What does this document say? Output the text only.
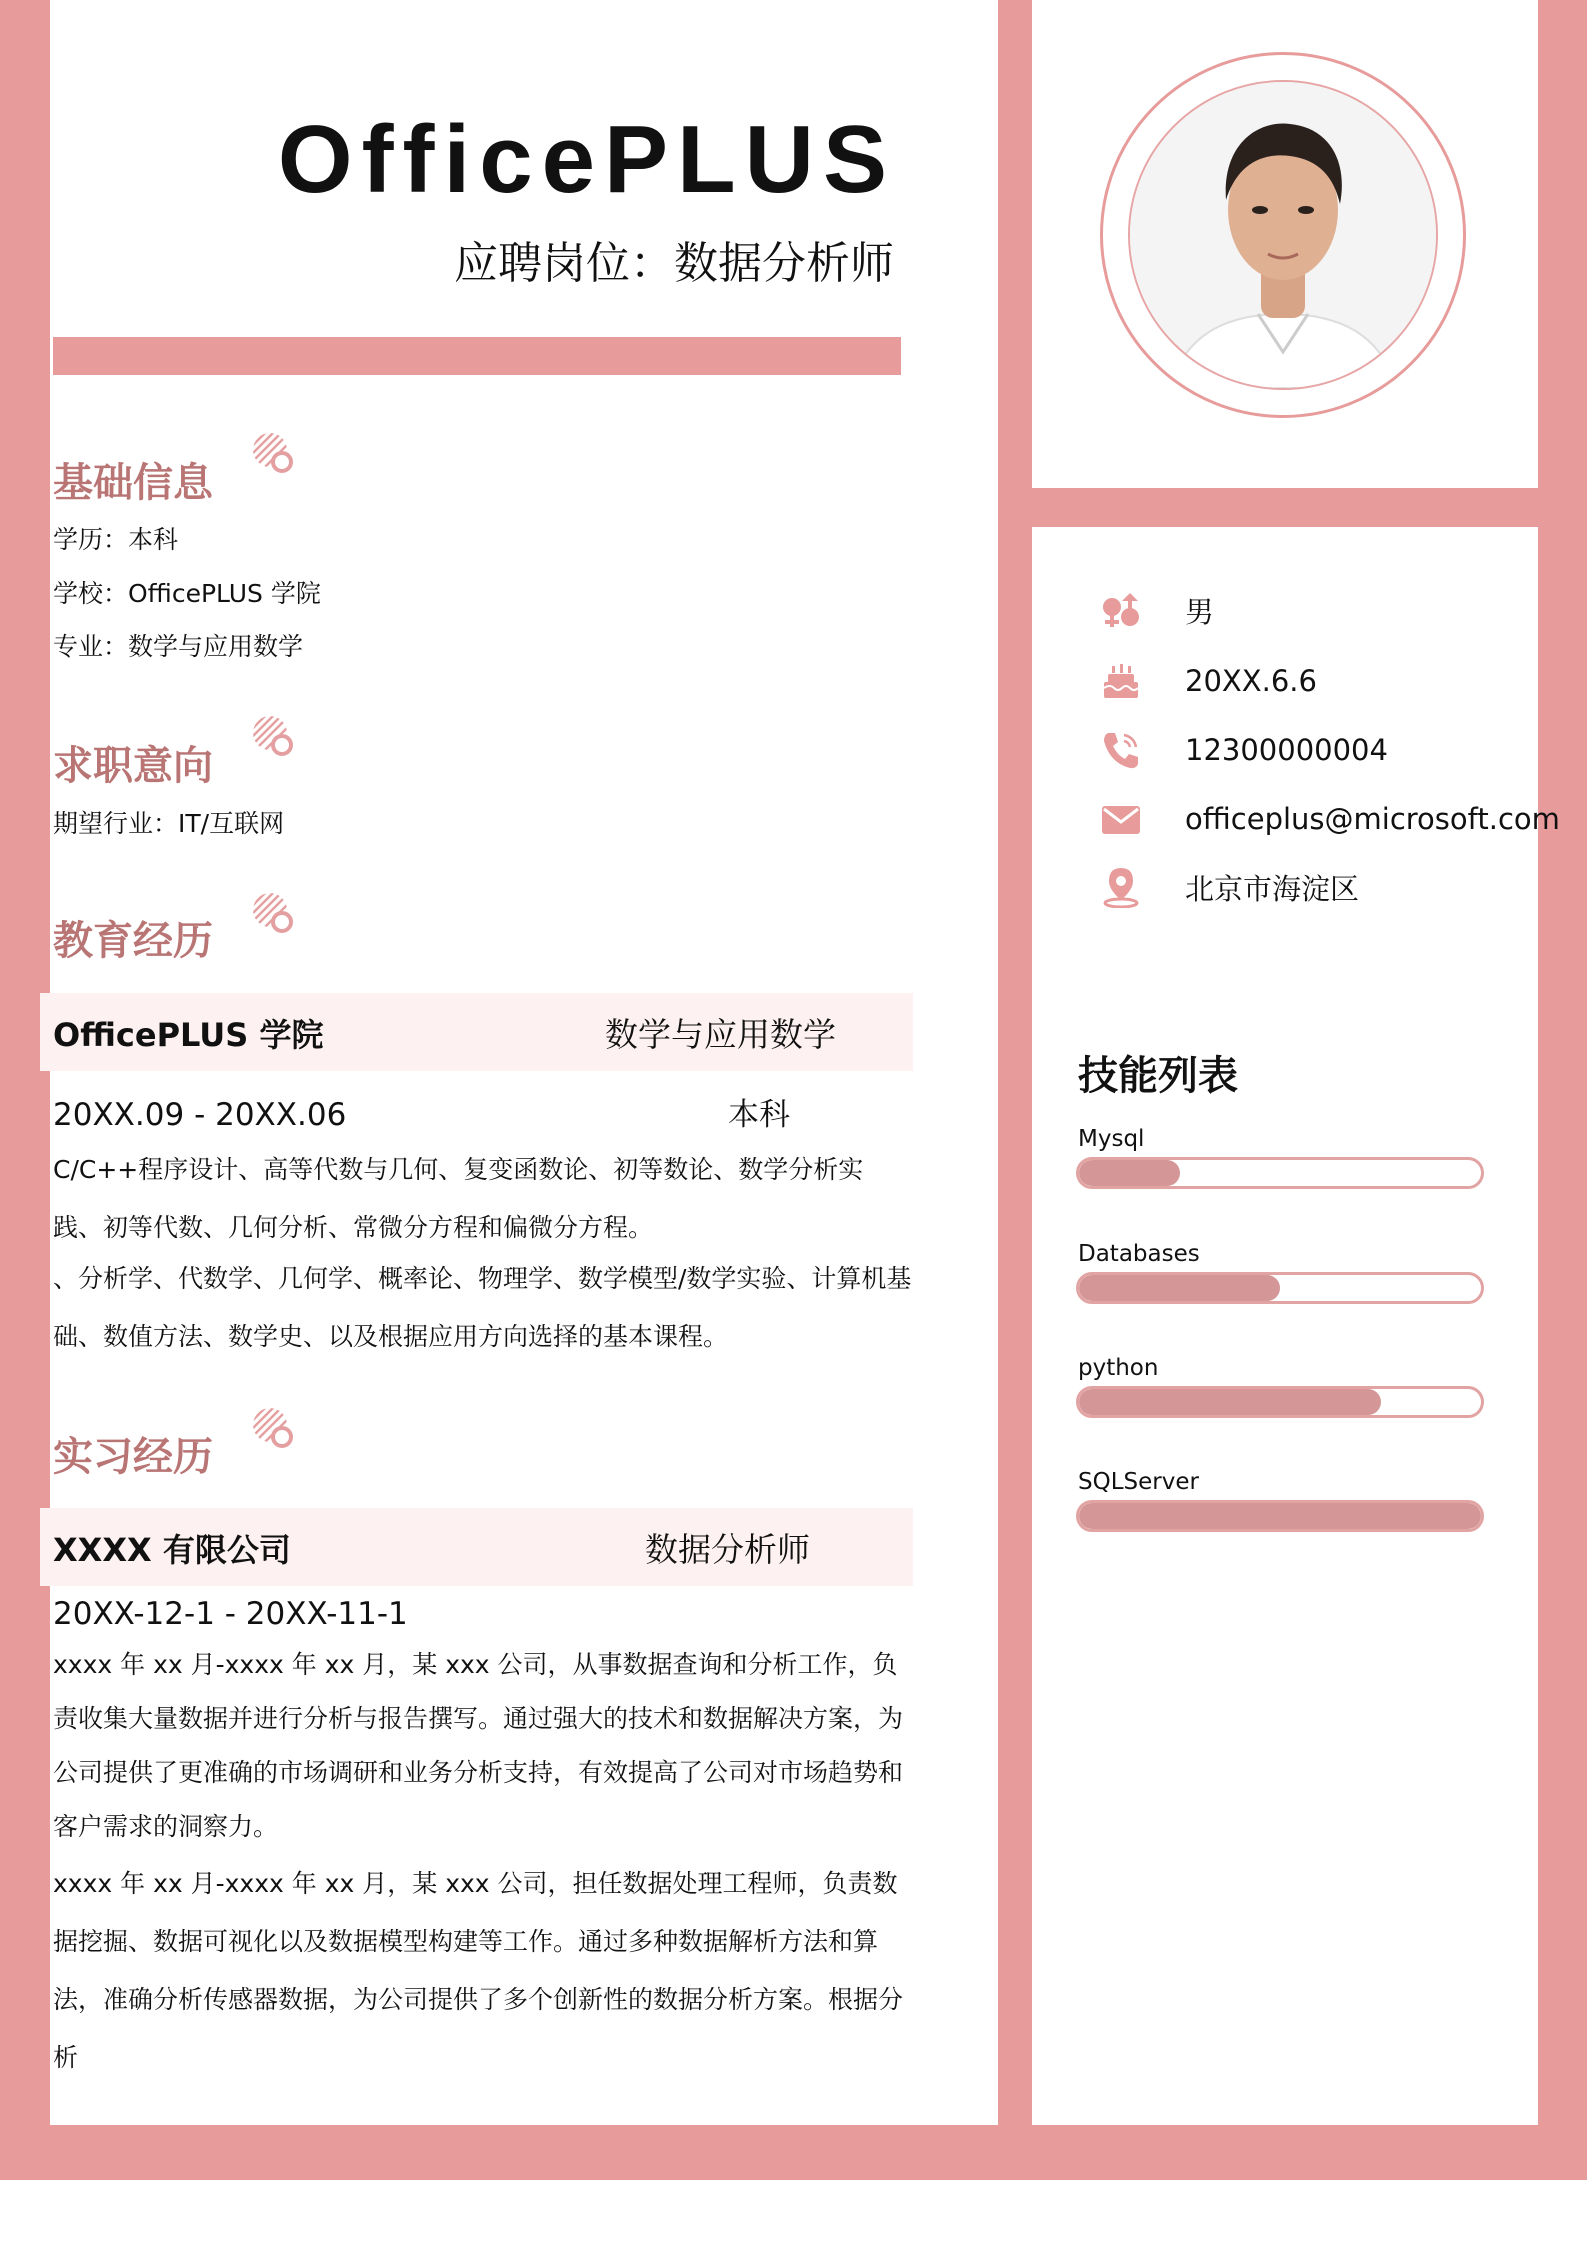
OfficePLUS
应聘岗位：数据分析师
基础信息
学历：本科
学校：OfficePLUS 学院
专业：数学与应用数学
求职意向
期望行业：IT/互联网
教育经历
OfficePLUS 学院	数学与应用数学
20XX.09 - 20XX.06	本科
C/C++程序设计、高等代数与几何、复变函数论、初等数论、数学分析实践、初等代数、几何分析、常微分方程和偏微分方程。
、分析学、代数学、几何学、概率论、物理学、数学模型/数学实验、计算机基础、数值方法、数学史、以及根据应用方向选择的基本课程。
实习经历
XXXX 有限公司	数据分析师
20XX-12-1 - 20XX-11-1
xxxx 年 xx 月-xxxx 年 xx 月，某 xxx 公司，从事数据查询和分析工作，负责收集大量数据并进行分析与报告撰写。通过强大的技术和数据解决方案，为公司提供了更准确的市场调研和业务分析支持，有效提高了公司对市场趋势和客户需求的洞察力。
xxxx 年 xx 月-xxxx 年 xx 月，某 xxx 公司，担任数据处理工程师，负责数据挖掘、数据可视化以及数据模型构建等工作。通过多种数据解析方法和算法，准确分析传感器数据，为公司提供了多个创新性的数据分析方案。根据分析
男
20XX.6.6
12300000004
officeplus@microsoft.com
北京市海淀区
技能列表
Mysql
Databases
python
SQLServer
